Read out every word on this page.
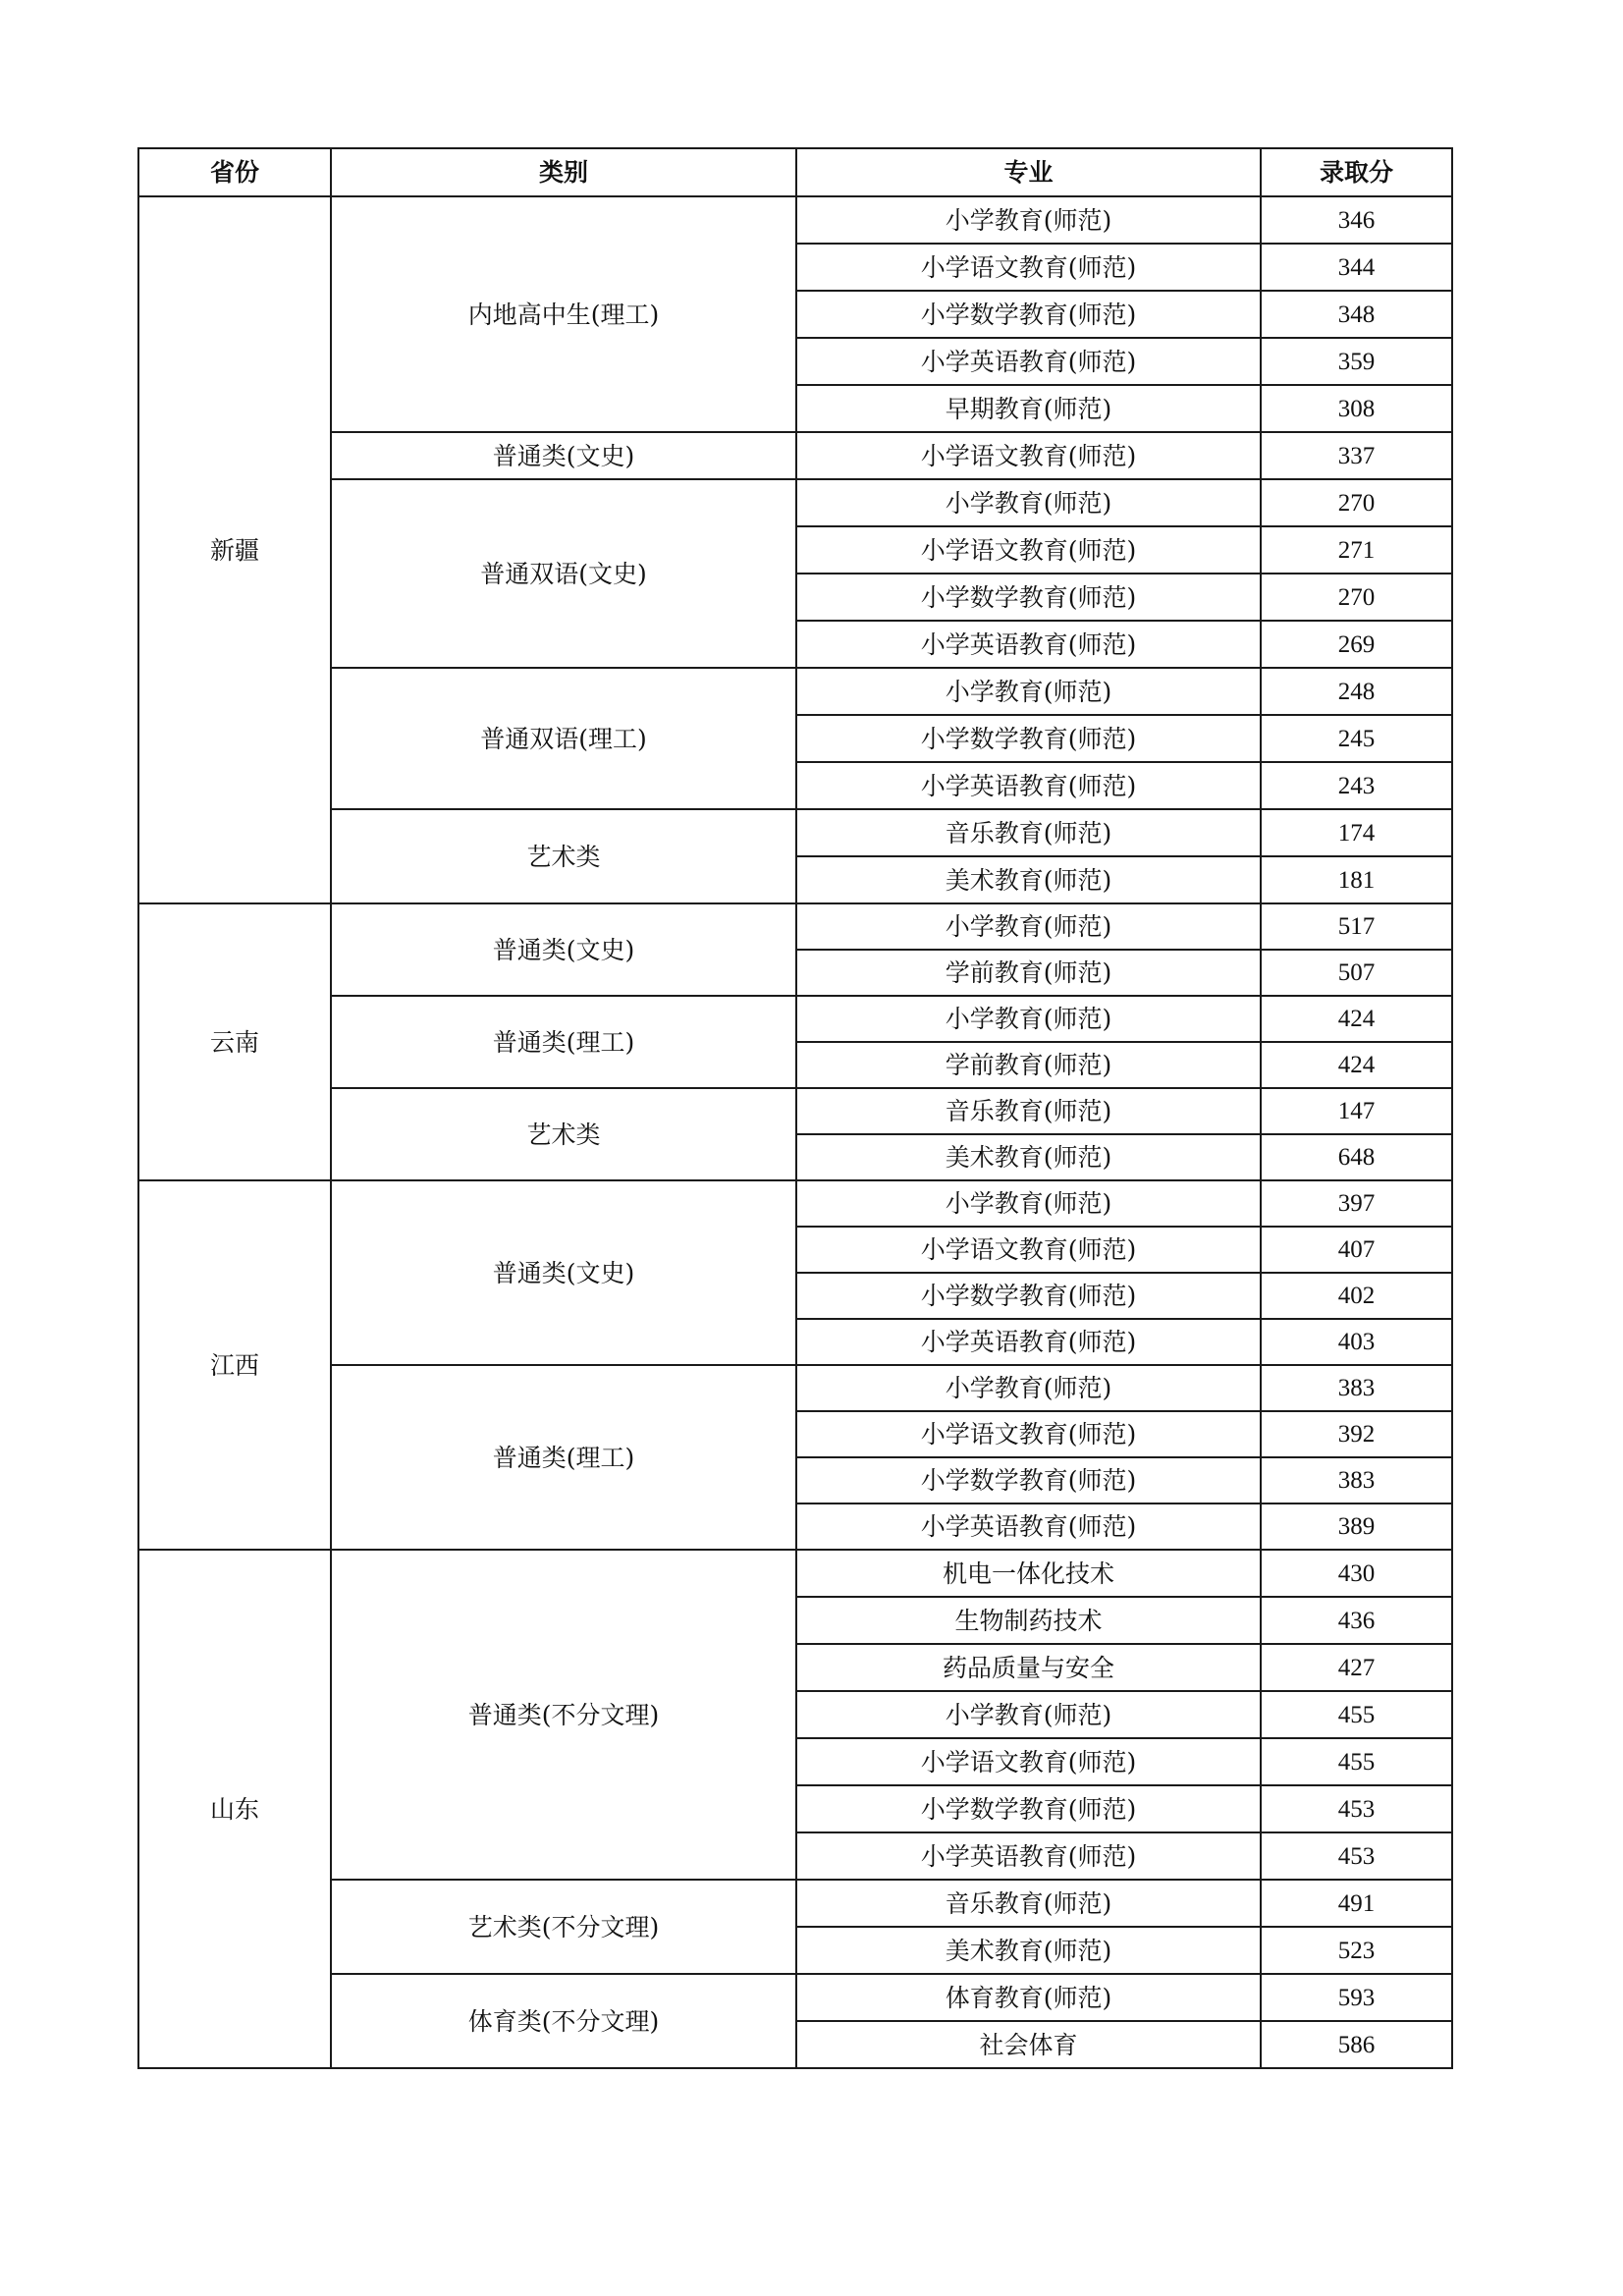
省份	类别	专业	录取分
新疆	内地高中生(理工)	小学教育(师范)	346
		小学语文教育(师范)	344
		小学数学教育(师范)	348
		小学英语教育(师范)	359
		早期教育(师范)	308
	普通类(文史)	小学语文教育(师范)	337
	普通双语(文史)	小学教育(师范)	270
		小学语文教育(师范)	271
		小学数学教育(师范)	270
		小学英语教育(师范)	269
	普通双语(理工)	小学教育(师范)	248
		小学数学教育(师范)	245
		小学英语教育(师范)	243
	艺术类	音乐教育(师范)	174
		美术教育(师范)	181
云南	普通类(文史)	小学教育(师范)	517
		学前教育(师范)	507
	普通类(理工)	小学教育(师范)	424
		学前教育(师范)	424
	艺术类	音乐教育(师范)	147
		美术教育(师范)	648
江西	普通类(文史)	小学教育(师范)	397
		小学语文教育(师范)	407
		小学数学教育(师范)	402
		小学英语教育(师范)	403
	普通类(理工)	小学教育(师范)	383
		小学语文教育(师范)	392
		小学数学教育(师范)	383
		小学英语教育(师范)	389
山东	普通类(不分文理)	机电一体化技术	430
		生物制药技术	436
		药品质量与安全	427
		小学教育(师范)	455
		小学语文教育(师范)	455
		小学数学教育(师范)	453
		小学英语教育(师范)	453
	艺术类(不分文理)	音乐教育(师范)	491
		美术教育(师范)	523
	体育类(不分文理)	体育教育(师范)	593
		社会体育	586
